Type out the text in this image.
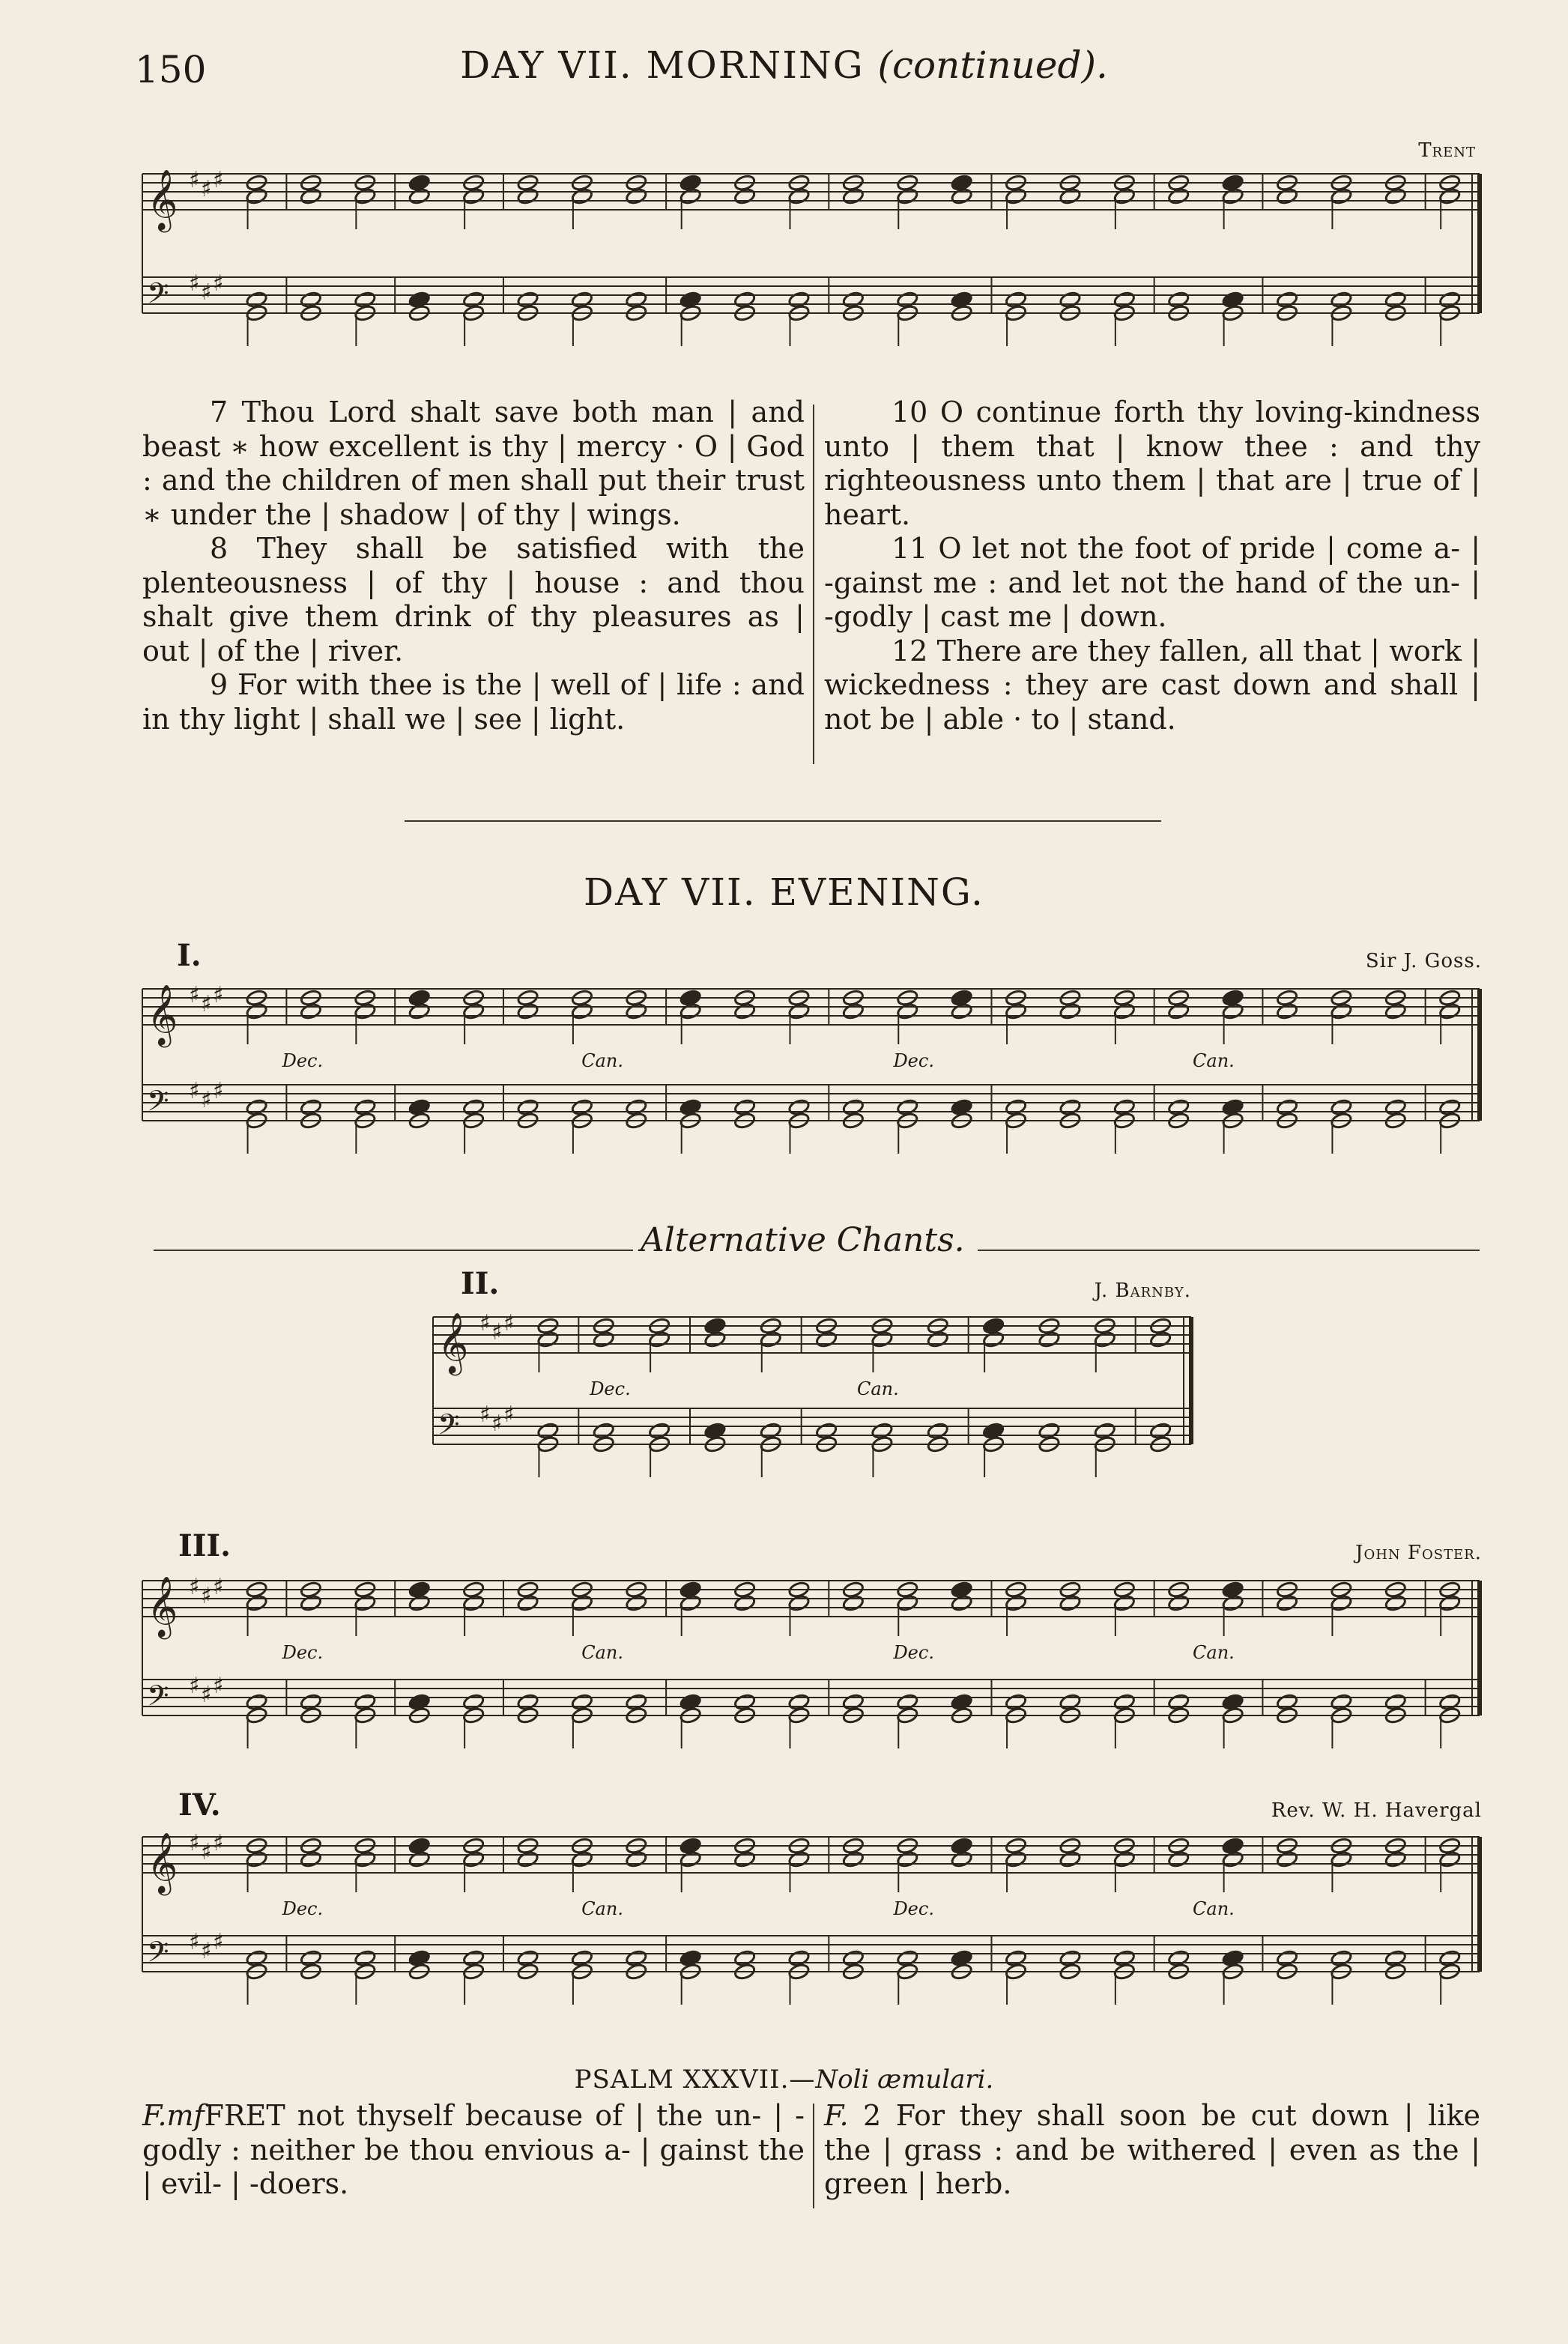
150	DAY VII. MORNING (continued).
Trent
𝄞 ♯ ♯ ♯
𝄢 ♯ ♯ ♯

7 Thou Lord shalt save both man | and beast ∗ how excellent is thy | mercy · O | God : and the children of men shall put their trust ∗ under the | shadow | of thy | wings.

8 They shall be satisfied with the plenteousness | of thy | house : and thou shalt give them drink of thy pleasures as | out | of the | river.

9 For with thee is the | well of | life : and in thy light | shall we | see | light.

10 O continue forth thy loving-kindness unto | them that | know thee : and thy righteousness unto them | that are | true of | heart.

11 O let not the foot of pride | come a- | -gainst me : and let not the hand of the un- | -godly | cast me | down.

12 There are they fallen, all that | work | wickedness : they are cast down and shall | not be | able · to | stand.

DAY VII. EVENING.
I.	Sir J. Goss.
𝄞 ♯ ♯ ♯
𝄢 ♯ ♯ ♯
Dec.	Can.	Dec.	Can.
Alternative Chants.
II.	J. Barnby.
𝄞 ♯ ♯ ♯
𝄢 ♯ ♯ ♯
Dec.	Can.
III.	John Foster.
𝄞 ♯ ♯ ♯
𝄢 ♯ ♯ ♯
Dec.	Can.	Dec.	Can.
IV.	Rev. W. H. Havergal
𝄞 ♯ ♯ ♯
𝄢 ♯ ♯ ♯
Dec.	Can.	Dec.	Can.
PSALM XXXVII.—Noli æmulari.

F.mfFRET not thyself because of | the un- | -godly : neither be thou envious a- | gainst the | evil- | -doers.

F. 2 For they shall soon be cut down | like the | grass : and be withered | even as the | green | herb.
